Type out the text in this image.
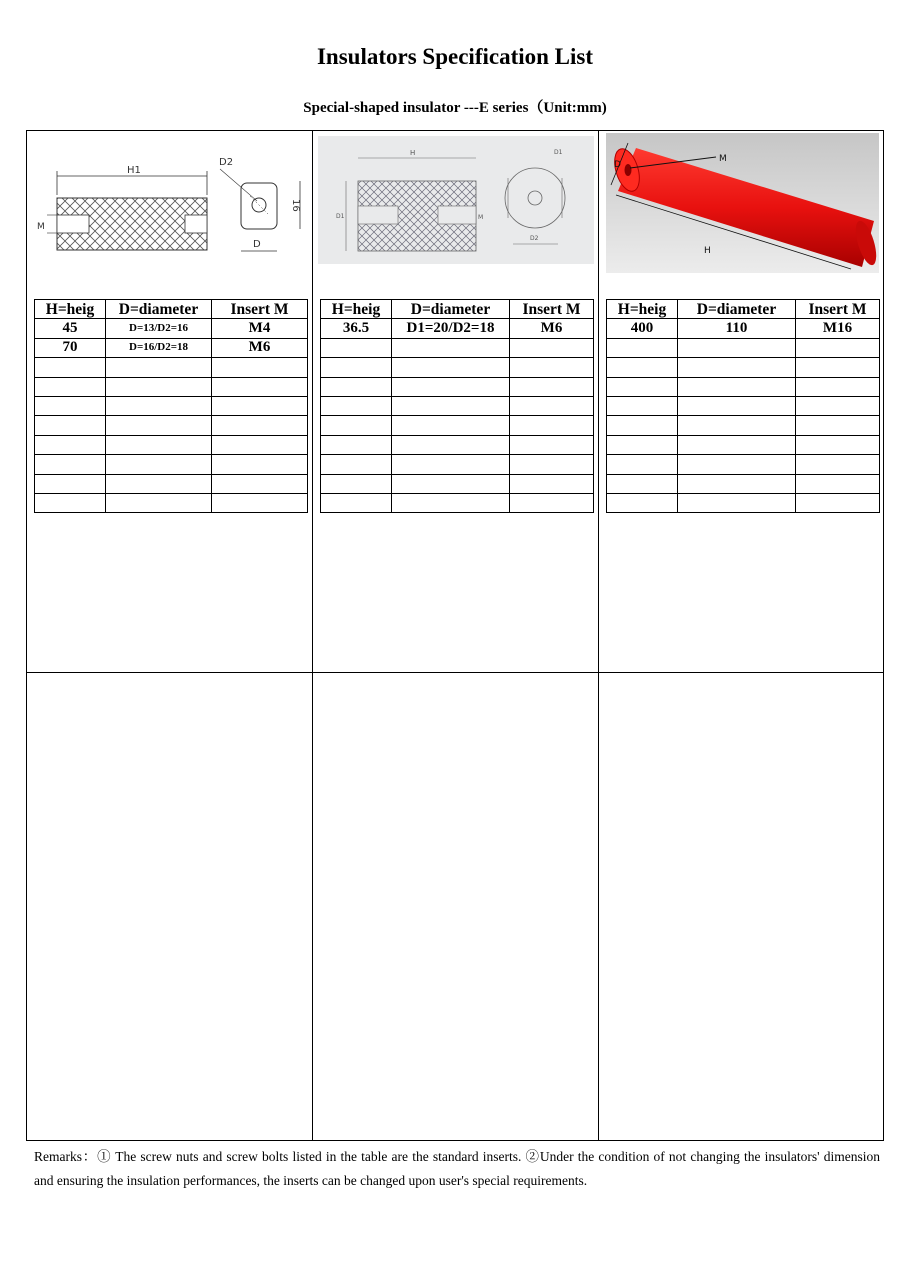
Insulators Specification List
Special-shaped insulator ---E series（Unit:mm)
H1
M
D2
D
16
H
D1	M
D2
D1
M
D
H
H=heig	D=diameter	Insert M
45	D=13/D2=16	M4
70	D=16/D2=18	M6

H=heig	D=diameter	Insert M
36.5	D1=20/D2=18	M6

H=heig	D=diameter	Insert M
400	110	M16

Remarks：① The screw nuts and screw bolts listed in the table are the standard inserts. ②Under the condition of not changing the insulators' dimension and ensuring the insulation performances, the inserts can be changed upon user's special requirements.
